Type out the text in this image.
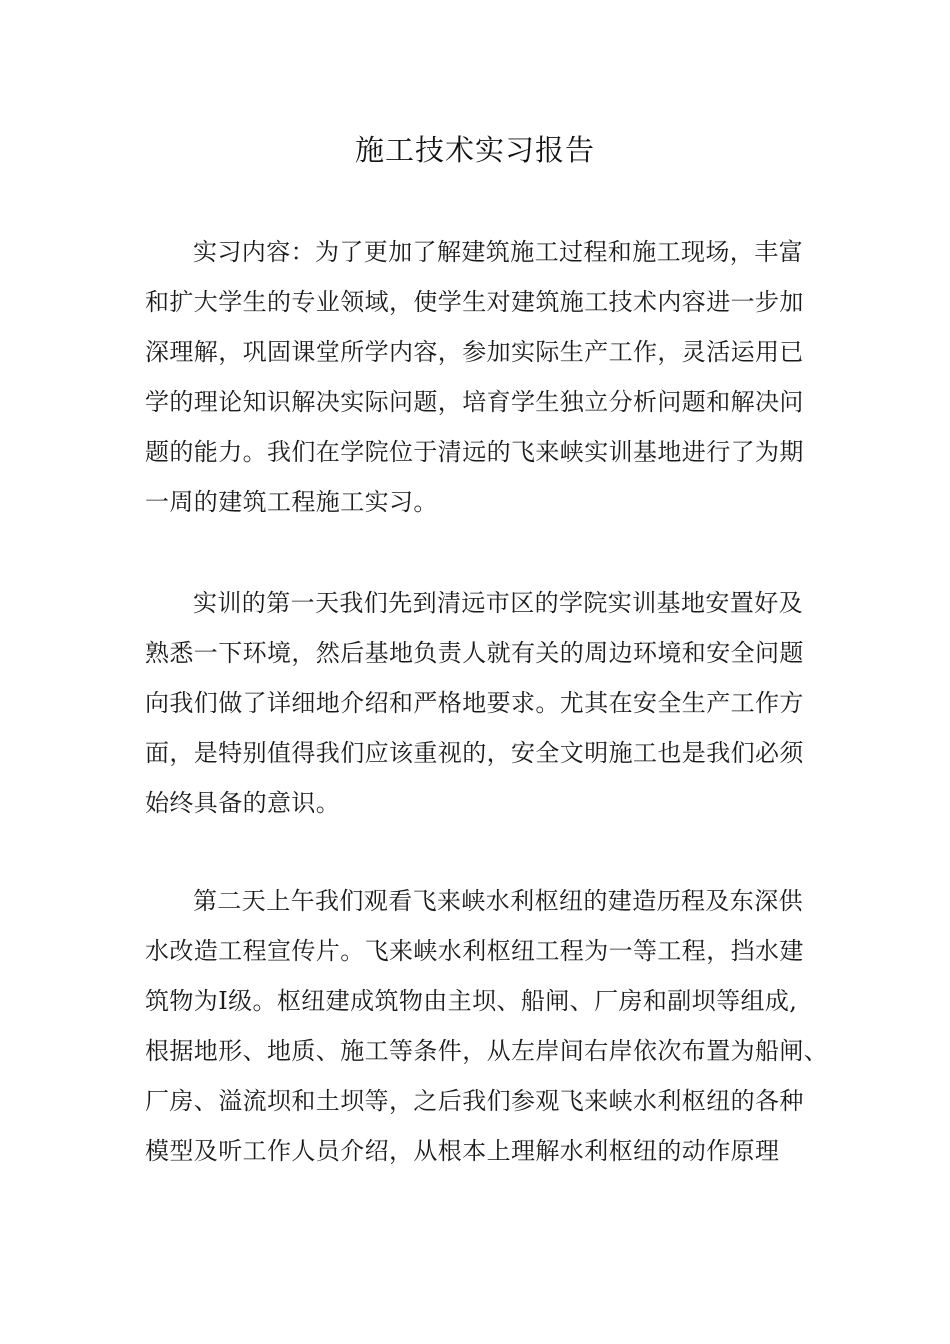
施工技术实习报告
实习内容：为了更加了解建筑施工过程和施工现场，丰富
和扩大学生的专业领域，使学生对建筑施工技术内容进一步加
深理解，巩固课堂所学内容，参加实际生产工作，灵活运用已
学的理论知识解决实际问题，培育学生独立分析问题和解决问
题的能力。我们在学院位于清远的飞来峡实训基地进行了为期
一周的建筑工程施工实习。
实训的第一天我们先到清远市区的学院实训基地安置好及
熟悉一下环境，然后基地负责人就有关的周边环境和安全问题
向我们做了详细地介绍和严格地要求。尤其在安全生产工作方
面，是特别值得我们应该重视的，安全文明施工也是我们必须
始终具备的意识。
第二天上午我们观看飞来峡水利枢纽的建造历程及东深供
水改造工程宣传片。飞来峡水利枢纽工程为一等工程，挡水建
筑物为Ⅰ级。枢纽建成筑物由主坝、船闸、厂房和副坝等组成,
根据地形、地质、施工等条件，从左岸间右岸依次布置为船闸、
厂房、溢流坝和土坝等，之后我们参观飞来峡水利枢纽的各种
模型及听工作人员介绍，从根本上理解水利枢纽的动作原理
